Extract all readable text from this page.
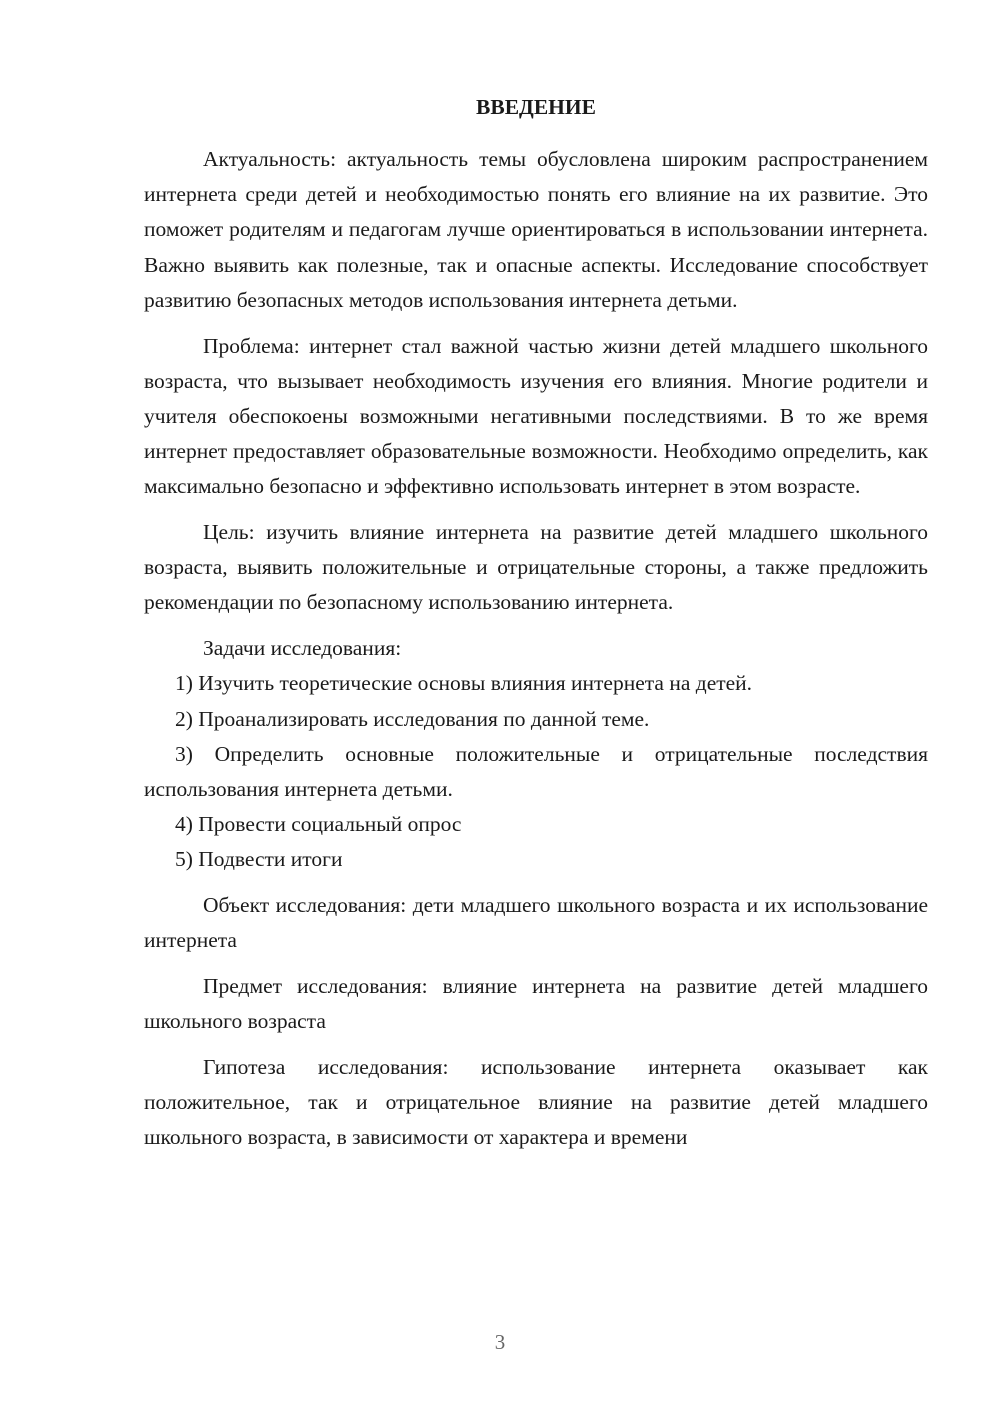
ВВЕДЕНИЕ

Актуальность: актуальность темы обусловлена широким распространением интернета среди детей и необходимостью понять его влияние на их развитие. Это поможет родителям и педагогам лучше ориентироваться в использовании интернета. Важно выявить как полезные, так и опасные аспекты. Исследование способствует развитию безопасных методов использования интернета детьми.

Проблема: интернет стал важной частью жизни детей младшего школьного возраста, что вызывает необходимость изучения его влияния. Многие родители и учителя обеспокоены возможными негативными последствиями. В то же время интернет предоставляет образовательные возможности. Необходимо определить, как максимально безопасно и эффективно использовать интернет в этом возрасте.

Цель: изучить влияние интернета на развитие детей младшего школьного возраста, выявить положительные и отрицательные стороны, а также предложить рекомендации по безопасному использованию интернета.

Задачи исследования:

1) Изучить теоретические основы влияния интернета на детей.

2) Проанализировать исследования по данной теме.

3) Определить основные положительные и отрицательные последствия использования интернета детьми.

4) Провести социальный опрос

5) Подвести итоги

Объект исследования: дети младшего школьного возраста и их использование интернета

Предмет исследования: влияние интернета на развитие детей младшего школьного возраста

Гипотеза исследования: использование интернета оказывает как положительное, так и отрицательное влияние на развитие детей младшего школьного возраста, в зависимости от характера и времени

3
